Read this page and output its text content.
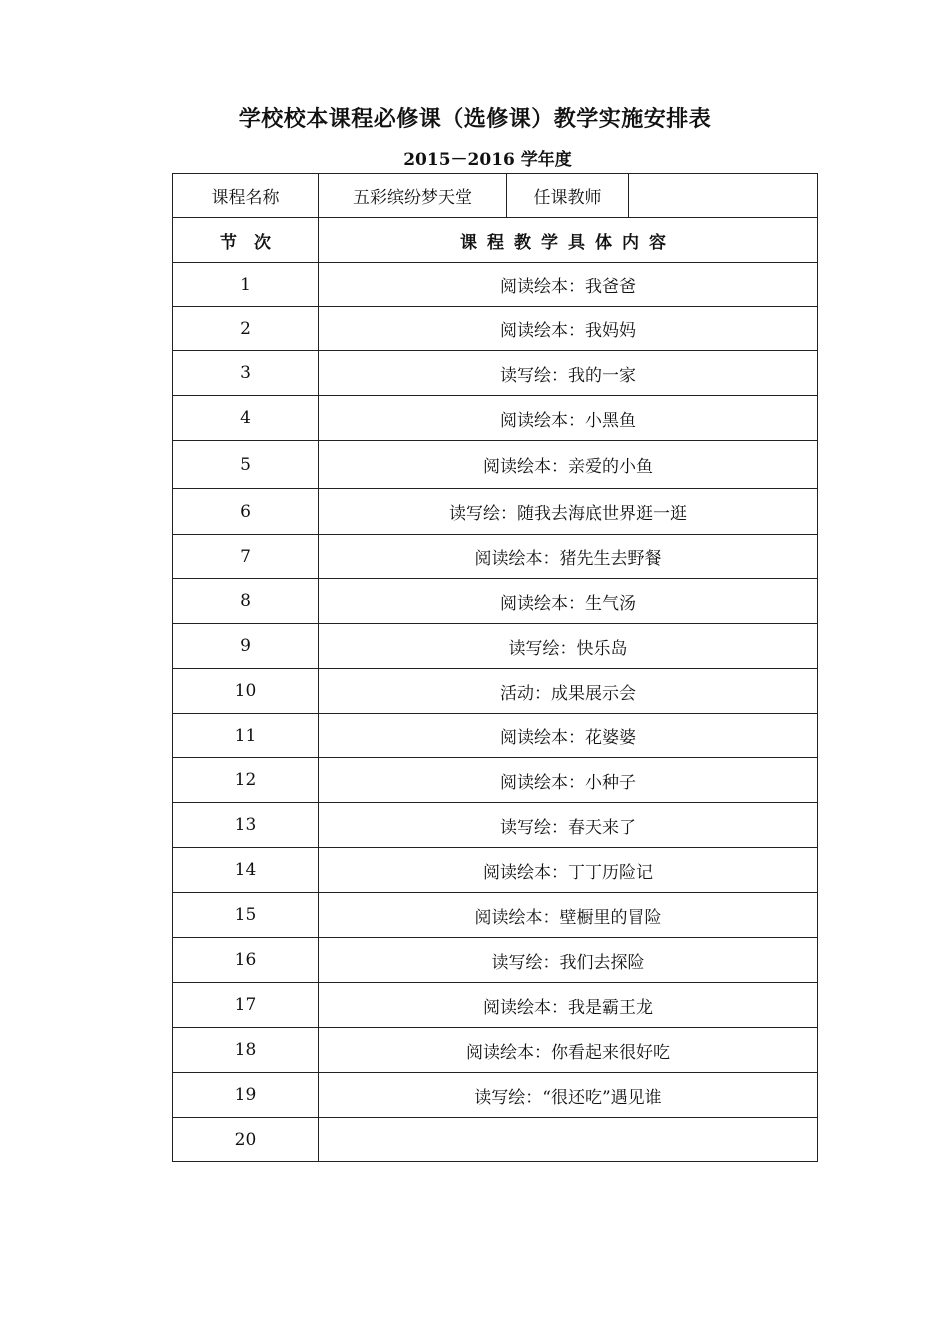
学校校本课程必修课（选修课）教学实施安排表
2015－2016 学年度
课程名称	五彩缤纷梦天堂	任课教师	
节　次	课程教学具体内容		
1	阅读绘本：我爸爸		
2	阅读绘本：我妈妈		
3	读写绘：我的一家		
4	阅读绘本：小黑鱼		
5	阅读绘本：亲爱的小鱼		
6	读写绘：随我去海底世界逛一逛		
7	阅读绘本：猪先生去野餐		
8	阅读绘本：生气汤		
9	读写绘：快乐岛		
10	活动：成果展示会		
11	阅读绘本：花婆婆		
12	阅读绘本：小种子		
13	读写绘：春天来了		
14	阅读绘本：丁丁历险记		
15	阅读绘本：壁橱里的冒险		
16	读写绘：我们去探险		
17	阅读绘本：我是霸王龙		
18	阅读绘本：你看起来很好吃		
19	读写绘：“很还吃”遇见谁		
20			
